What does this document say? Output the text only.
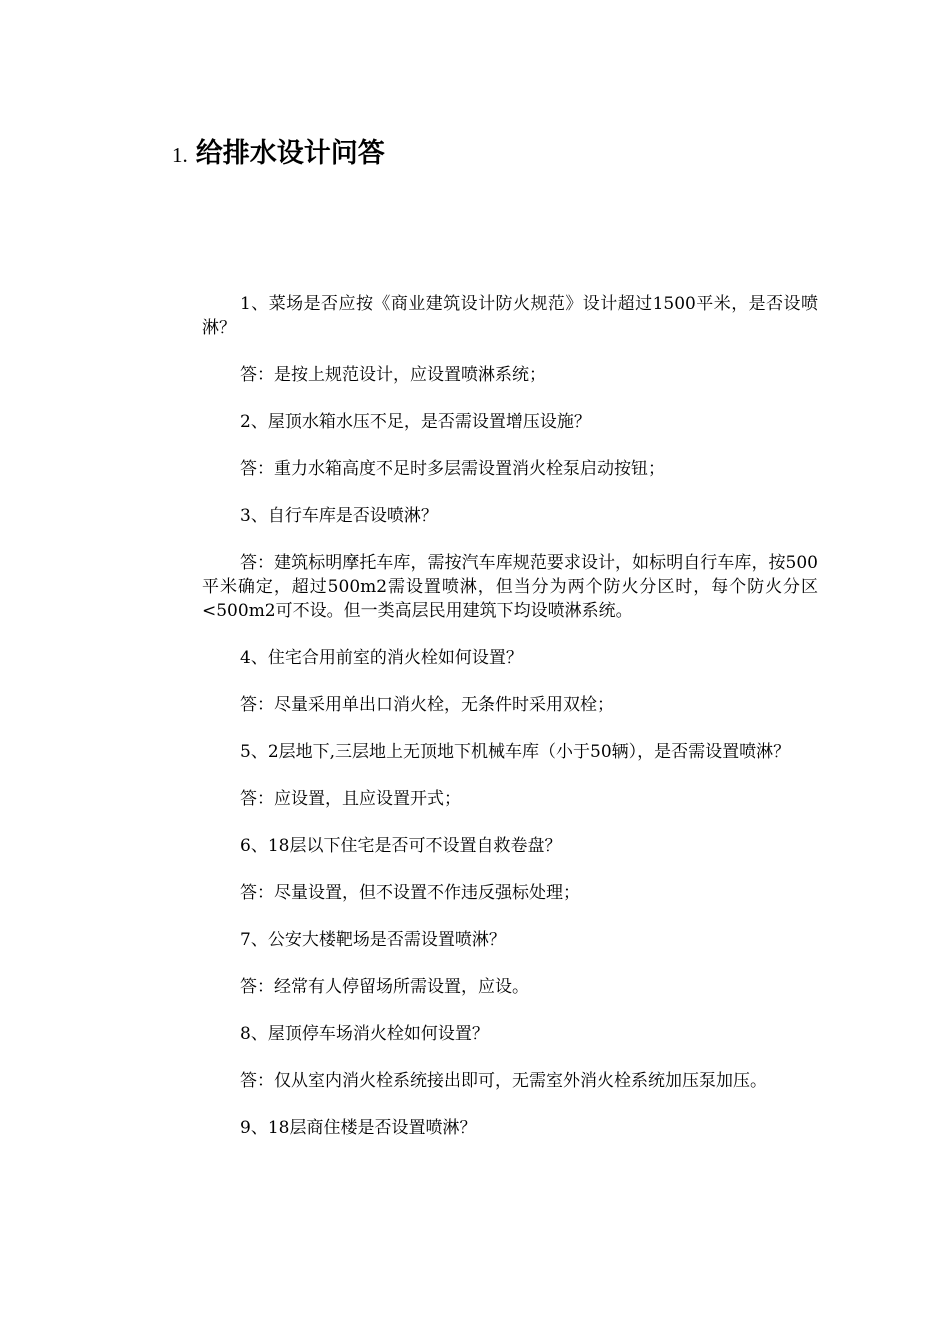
1. 给排水设计问答

1、菜场是否应按《商业建筑设计防火规范》设计超过1500平米，是否设喷淋？

答：是按上规范设计，应设置喷淋系统；

2、屋顶水箱水压不足，是否需设置增压设施？

答：重力水箱高度不足时多层需设置消火栓泵启动按钮；

3、自行车库是否设喷淋？

答：建筑标明摩托车库，需按汽车库规范要求设计，如标明自行车库，按500平米确定，超过500m2需设置喷淋，但当分为两个防火分区时，每个防火分区<500m2可不设。但一类高层民用建筑下均设喷淋系统。

4、住宅合用前室的消火栓如何设置？

答：尽量采用单出口消火栓，无条件时采用双栓；

5、2层地下,三层地上无顶地下机械车库（小于50辆），是否需设置喷淋？

答：应设置，且应设置开式；

6、18层以下住宅是否可不设置自救卷盘？

答：尽量设置，但不设置不作违反强标处理；

7、公安大楼靶场是否需设置喷淋？

答：经常有人停留场所需设置，应设。

8、屋顶停车场消火栓如何设置？

答：仅从室内消火栓系统接出即可，无需室外消火栓系统加压泵加压。

9、18层商住楼是否设置喷淋？
